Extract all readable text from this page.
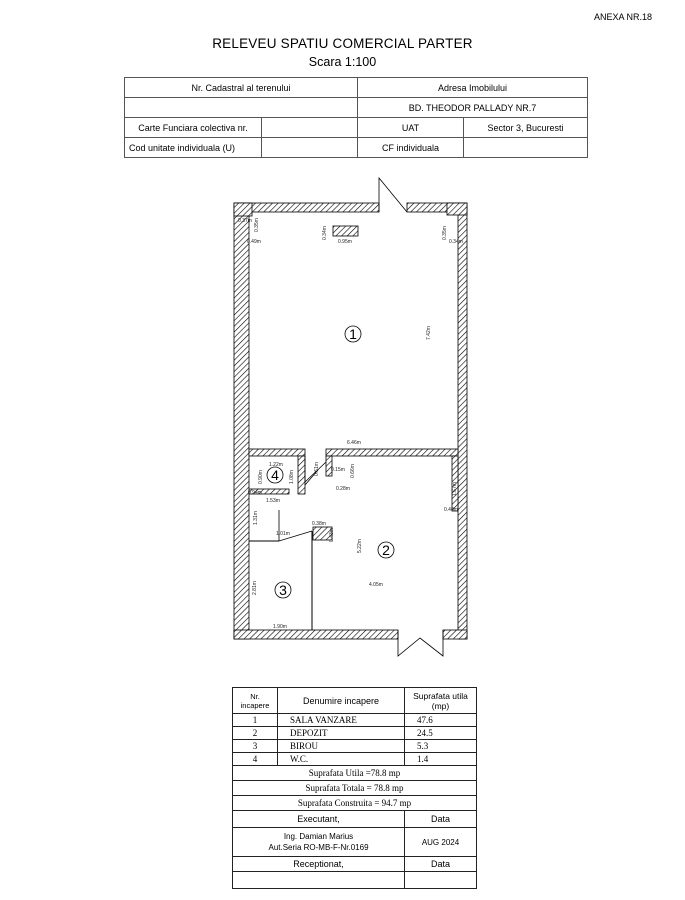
ANEXA NR.18
RELEVEU SPATIU COMERCIAL PARTER
Scara 1:100
Nr. Cadastral al terenului		Adresa Imobilului	
		BD. THEODOR PALLADY NR.7	
Carte Funciara colectiva nr.		UAT	Sector 3, Bucuresti
Cod unitate individuala (U)		CF individuala	
1
2
3
4
0.37m 0.35m
0.49m
0.34m
0.95m
0.35m
0.34m
7.42m
6.46m
1.22m
0.90m	1.08m
0.61m 0.15m 0.66m
0.28m	1.67m
0.48m
0.94m
1.53m
1.31m	0.38m
1.01m	0.43m
5.22m
4.05m
2.81m
1.90m
Nr. incapere	Denumire incapere	Suprafata utila (mp)
1	SALA VANZARE	47.6
2	DEPOZIT	24.5
3	BIROU	5.3
4	W.C.	1.4
Suprafata Utila =78.8 mp		
Suprafata Totala = 78.8 mp		
Suprafata Construita = 94.7 mp		
Executant,		Data

Ing. Damian Marius
Aut.Seria RO-MB-F-Nr.0169		AUG 2024
Receptionat,		Data
